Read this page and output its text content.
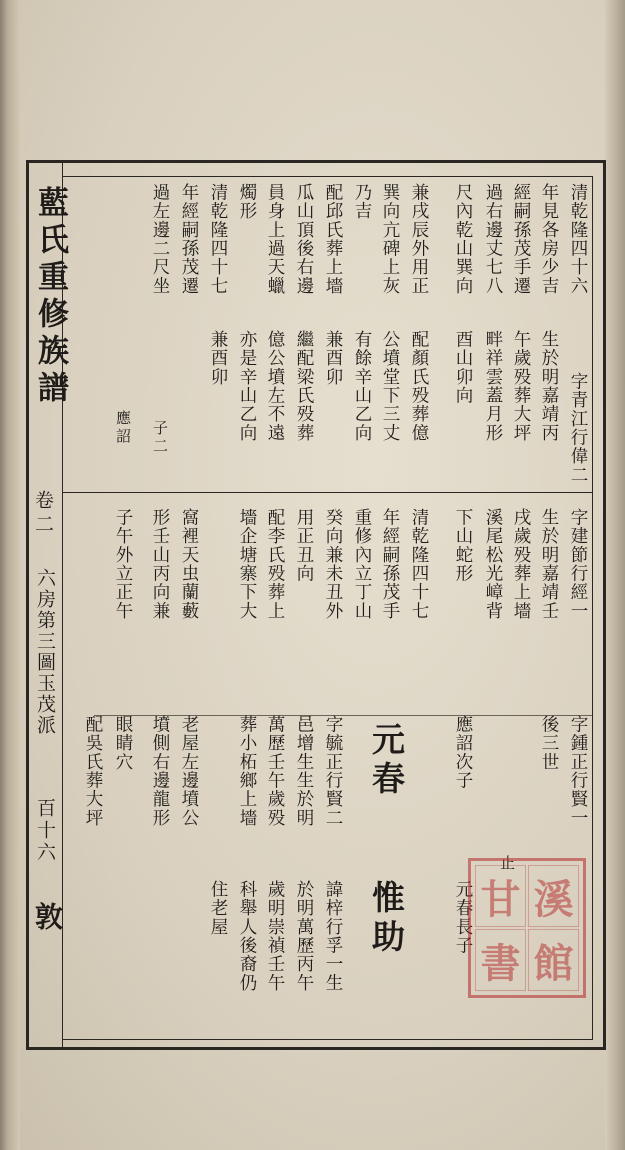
藍氏重修族譜
卷二
六房第三圖玉茂派
百十六
敦
字青江行偉二
清乾隆四十六
年見各房少吉
經嗣孫茂手遷
過右邊丈七八
尺內乾山巽向
兼戌辰外用正
巽向亢碑上灰
乃吉
配邱氏葬上墻
瓜山頂後右邊
員身上過天蠟
燭形
清乾隆四十七
年經嗣孫茂遷
過左邊二尺坐
生於明嘉靖丙
午歲殁葬大坪
畔祥雲蓋月形
酉山卯向
配顏氏殁葬億
公墳堂下三丈
有餘辛山乙向
兼酉卯
繼配梁氏殁葬
億公墳左不遠
亦是辛山乙向
兼酉卯
子二
應詔
字建節行經一
生於明嘉靖壬
戌歲殁葬上墻
溪尾松光嶂背
下山蛇形
清乾隆四十七
年經嗣孫茂手
重修內立丁山
癸向兼未丑外
用正丑向
配李氏殁葬上
墻企塘寨下大
窩裡天虫蘭藪
形壬山丙向兼
子午外立正午
字鍾正行賢一
後三世
止
應詔次子
元春
字毓正行賢二
邑增生生於明
萬歷壬午歲殁
葬小柘鄉上墻
老屋左邊墳公
墳側右邊龍形
眼睛穴
配吳氏葬大坪
元春長子
惟助
諱梓行孚一生
於明萬歷丙午
歲明崇禎壬午
科舉人後裔仍
住老屋	甘 溪
書 館
